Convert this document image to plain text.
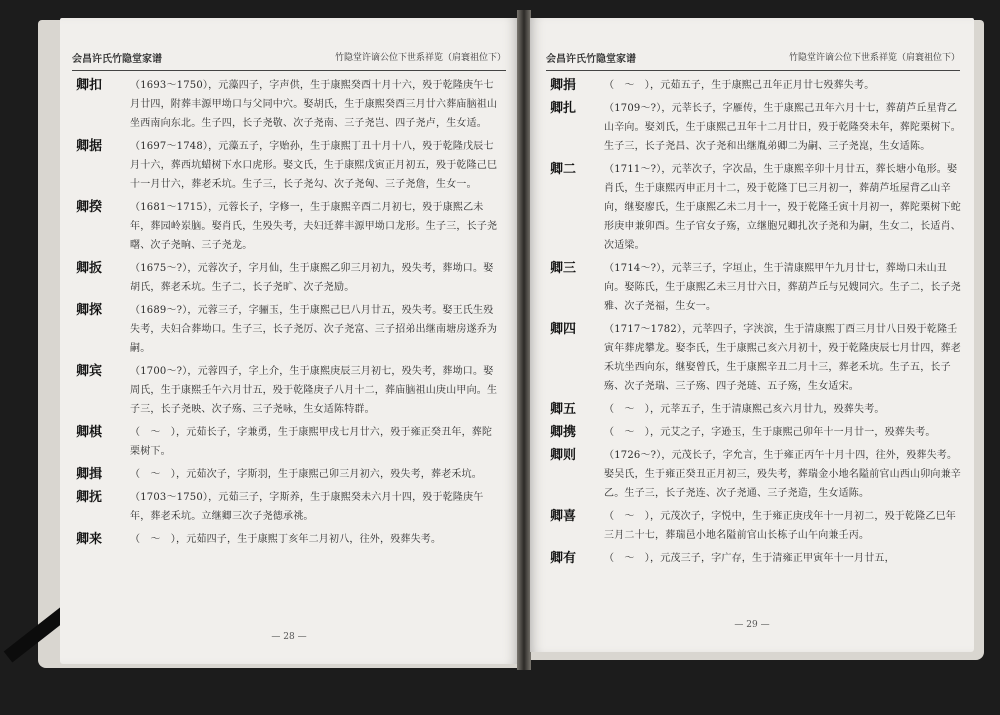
会昌许氏竹隐堂家谱	竹隐堂许谪公位下世系祥览（肩寰祖位下）
卿扣	（1693～1750），元藻四子，字声供，生于康熙癸酉十月十六，殁于乾隆庚午七月廿四，附葬丰源甲坳口与父同中穴。娶胡氏，生于康熙癸酉三月廿六葬庙脑祖山坐西南向东北。生子四，长子尧敬、次子尧南、三子尧岂、四子尧卢，生女适。
卿据	（1697～1748），元藻五子，字贻孙，生于康熙丁丑十月十八，殁于乾隆戊辰七月十六，葬西坑蜡树下水口虎形。娶文氏，生于康熙戊寅正月初五，殁于乾隆己巳十一月廿六，葬老禾坑。生子三，长子尧勾、次子尧匈、三子尧詹，生女一。
卿揆	（1681～1715），元蓉长子，字修一，生于康熙辛酉二月初七，殁于康熙乙未年，葬园岭岽脑。娶肖氏，生殁失考，夫妇迁葬丰源甲坳口龙形。生子三，长子尧曙、次子尧晌、三子尧龙。
卿扳	（1675～?），元蓉次子，字月仙，生于康熙乙卯三月初九，殁失考，葬坳口。娶胡氏，葬老禾坑。生子二，长子尧旷、次子尧励。
卿探	（1689～?），元蓉三子，字骊玉，生于康熙己巳八月廿五，殁失考。娶王氏生殁失考，夫妇合葬坳口。生子三，长子尧厉、次子尧富、三子招弟出继南塘房遂乔为嗣。
卿宾	（1700～?），元蓉四子，字上介，生于康熙庚辰三月初七，殁失考，葬坳口。娶周氏，生于康熙壬午六月廿五，殁于乾隆庚子八月十二，葬庙脑祖山庚山甲向。生子三，长子尧映、次子殇、三子尧咏，生女适陈特群。
卿棋	（　～　），元茹长子，字兼勇，生于康熙甲戌七月廿六，殁于雍正癸丑年，葬陀栗树下。
卿揖	（　～　），元茹次子，字斯羽，生于康熙己卯三月初六，殁失考，葬老禾坑。
卿抚	（1703～1750），元茹三子，字斯养，生于康熙癸未六月十四，殁于乾隆庚午年，葬老禾坑。立继卿三次子尧德承祧。
卿来	（　～　），元茹四子，生于康熙丁亥年二月初八，往外，殁葬失考。
— 28 —
会昌许氏竹隐堂家谱	竹隐堂许谪公位下世系祥览（肩寰祖位下）
卿捐	（　～　），元茹五子，生于康熙己丑年正月廿七殁葬失考。
卿扎	（1709～?），元莘长子，字雁传，生于康熙己丑年六月十七，葬葫芦丘星背乙山辛向。娶刘氏，生于康熙己丑年十二月廿日，殁于乾隆癸未年，葬陀栗树下。生子三，长子尧昌、次子尧和出继胤弟卿二为嗣、三子尧崑，生女适陈。
卿二	（1711～?），元莘次子，字次品，生于康熙辛卯十月廿五，葬长塘小龟形。娶肖氏，生于康熙丙申正月十二，殁于乾隆丁巳三月初一，葬葫芦坵屋背乙山辛向，继娶廖氏，生于康熙乙未二月十一，殁于乾隆壬寅十月初一，葬陀栗树下蛇形庚申兼卯酉。生子官女子殇，立继胞兄卿扎次子尧和为嗣，生女二，长适肖、次适梁。
卿三	（1714～?），元莘三子，字垣止，生于清康熙甲午九月廿七，葬坳口未山丑向。娶陈氏，生于康熙乙未三月廿六日，葬葫芦丘与兄嫂同穴。生子二，长子尧雅、次子尧福，生女一。
卿四	（1717～1782），元莘四子，字浃滨，生于清康熙丁酉三月廿八日殁于乾隆壬寅年葬虎攀龙。娶李氏，生于康熙己亥六月初十，殁于乾隆庚辰七月廿四，葬老禾坑坐西向东，继娶曾氏，生于康熙辛丑二月十三，葬老禾坑。生子五，长子殇、次子尧瑞、三子殇、四子尧琏、五子殇，生女适宋。
卿五	（　～　），元莘五子，生于清康熙己亥六月廿九，殁葬失考。
卿携	（　～　），元艾之子，字逊玉，生于康熙己卯年十一月廿一，殁葬失考。
卿则	（1726～?），元茂长子，字允言，生于雍正丙午十月十四，往外，殁葬失考。娶吴氏，生于雍正癸丑正月初三，殁失考，葬瑞金小地名隘前官山西山卯向兼辛乙。生子三，长子尧连、次子尧通、三子尧造，生女适陈。
卿喜	（　～　），元茂次子，字悦中，生于雍正庚戌年十一月初二，殁于乾隆乙巳年三月二十七，葬瑞邑小地名隘前官山长栋子山午向兼壬丙。
卿有	（　～　），元茂三子，字广存，生于清雍正甲寅年十一月廿五，
— 29 —
